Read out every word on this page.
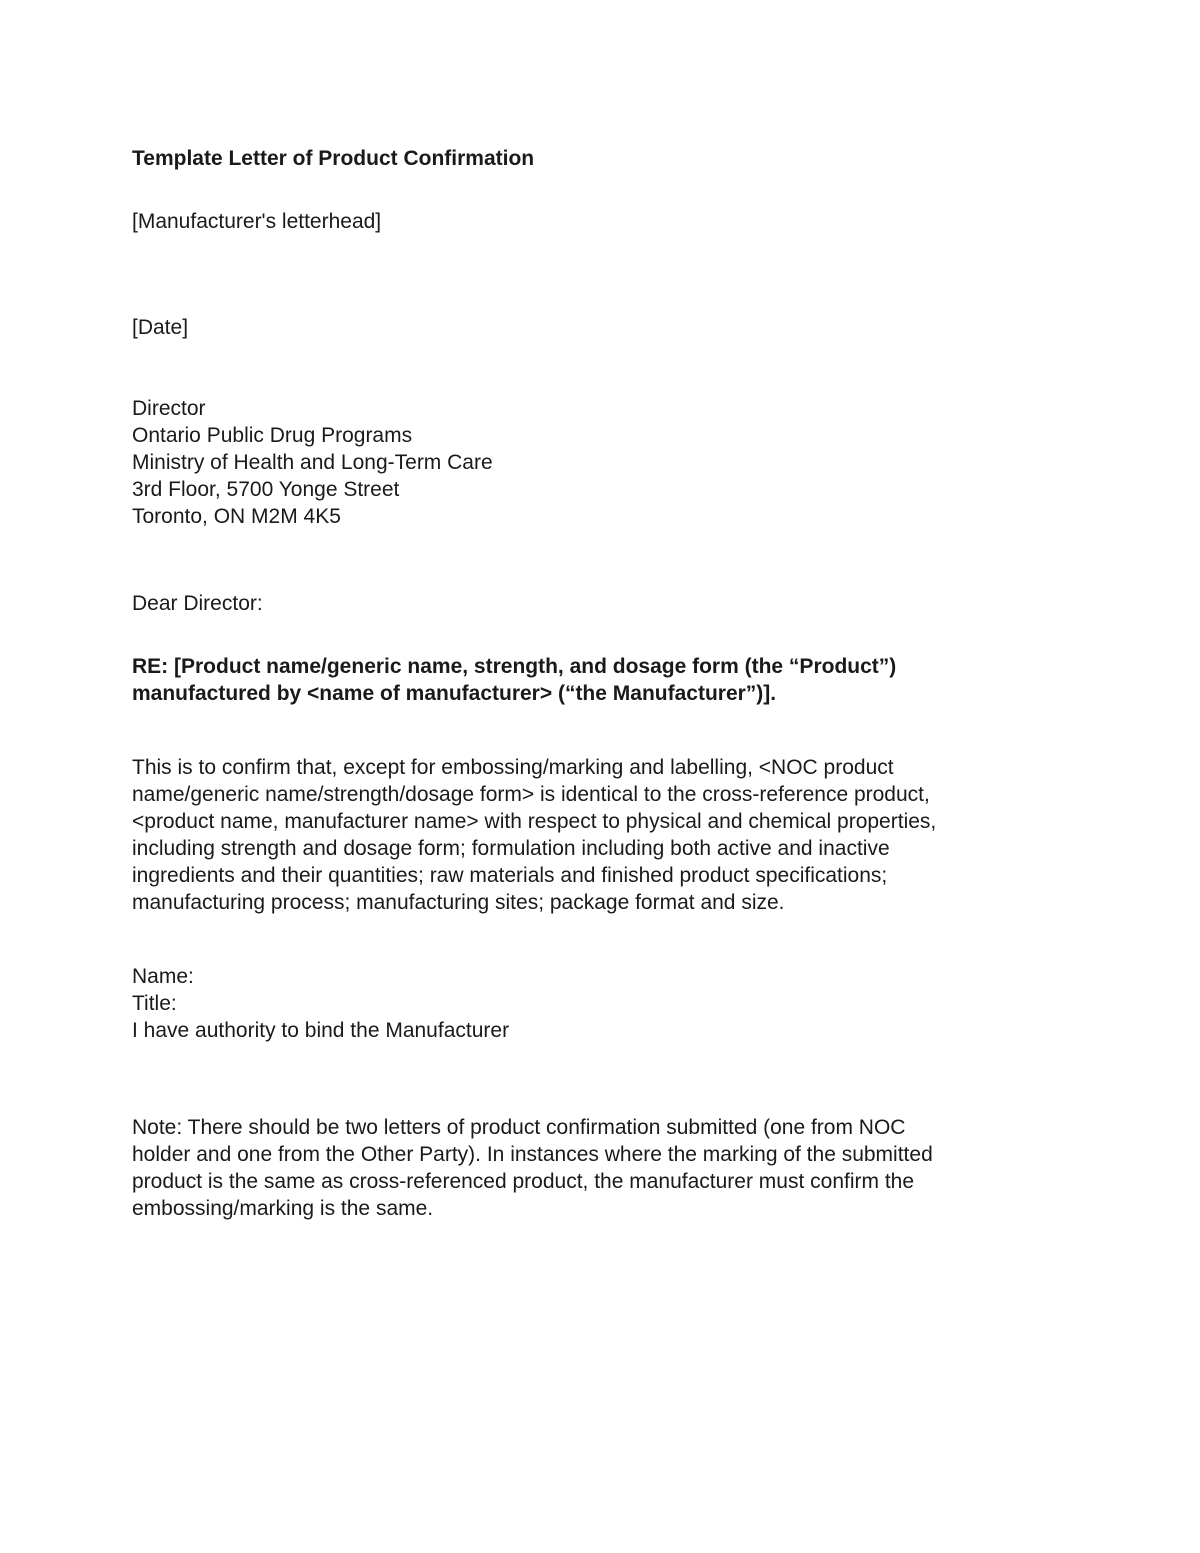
Template Letter of Product Confirmation
[Manufacturer's letterhead]
[Date]
Director
Ontario Public Drug Programs
Ministry of Health and Long-Term Care
3rd Floor, 5700 Yonge Street
Toronto, ON M2M 4K5
Dear Director:
RE: [Product name/generic name, strength, and dosage form (the “Product”)
manufactured by <name of manufacturer> (“the Manufacturer”)].
This is to confirm that, except for embossing/marking and labelling, <NOC product
name/generic name/strength/dosage form> is identical to the cross-reference product,
<product name, manufacturer name> with respect to physical and chemical properties,
including strength and dosage form; formulation including both active and inactive
ingredients and their quantities; raw materials and finished product specifications;
manufacturing process; manufacturing sites; package format and size.
Name:
Title:
I have authority to bind the Manufacturer
Note: There should be two letters of product confirmation submitted (one from NOC
holder and one from the Other Party). In instances where the marking of the submitted
product is the same as cross-referenced product, the manufacturer must confirm the
embossing/marking is the same.
